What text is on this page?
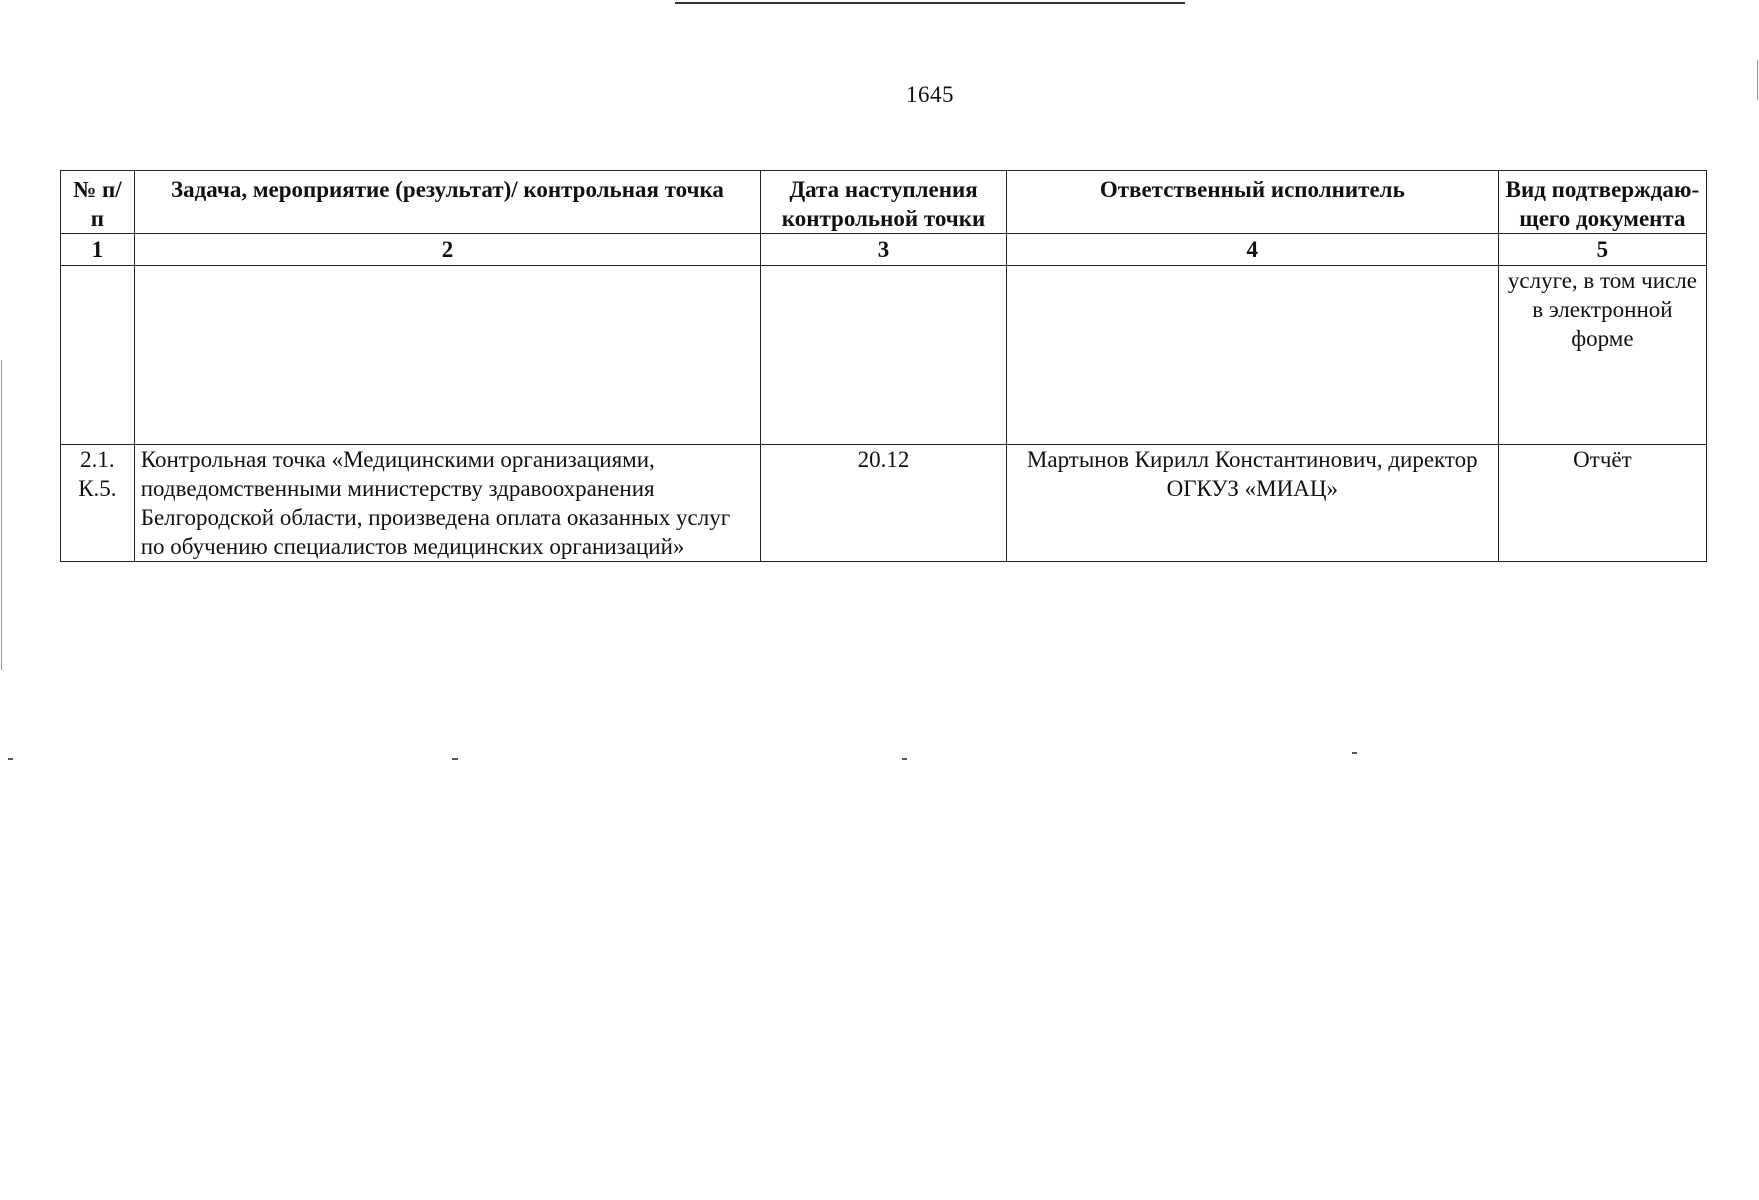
1645
№ п/п	Задача, мероприятие (результат)/ контрольная точка	Дата наступления контрольной точки	Ответственный исполнитель	Вид подтверждаю-щего документа
1	2	3	4	5
				услуге, в том числе в электронной форме
2.1. К.5.	Контрольная точка «Медицинскими организациями, подведомственными министерству здравоохранения Белгородской области, произведена оплата оказанных услуг по обучению специалистов медицинских организаций»	20.12	Мартынов Кирилл Константинович, директор ОГКУЗ «МИАЦ»	Отчёт
